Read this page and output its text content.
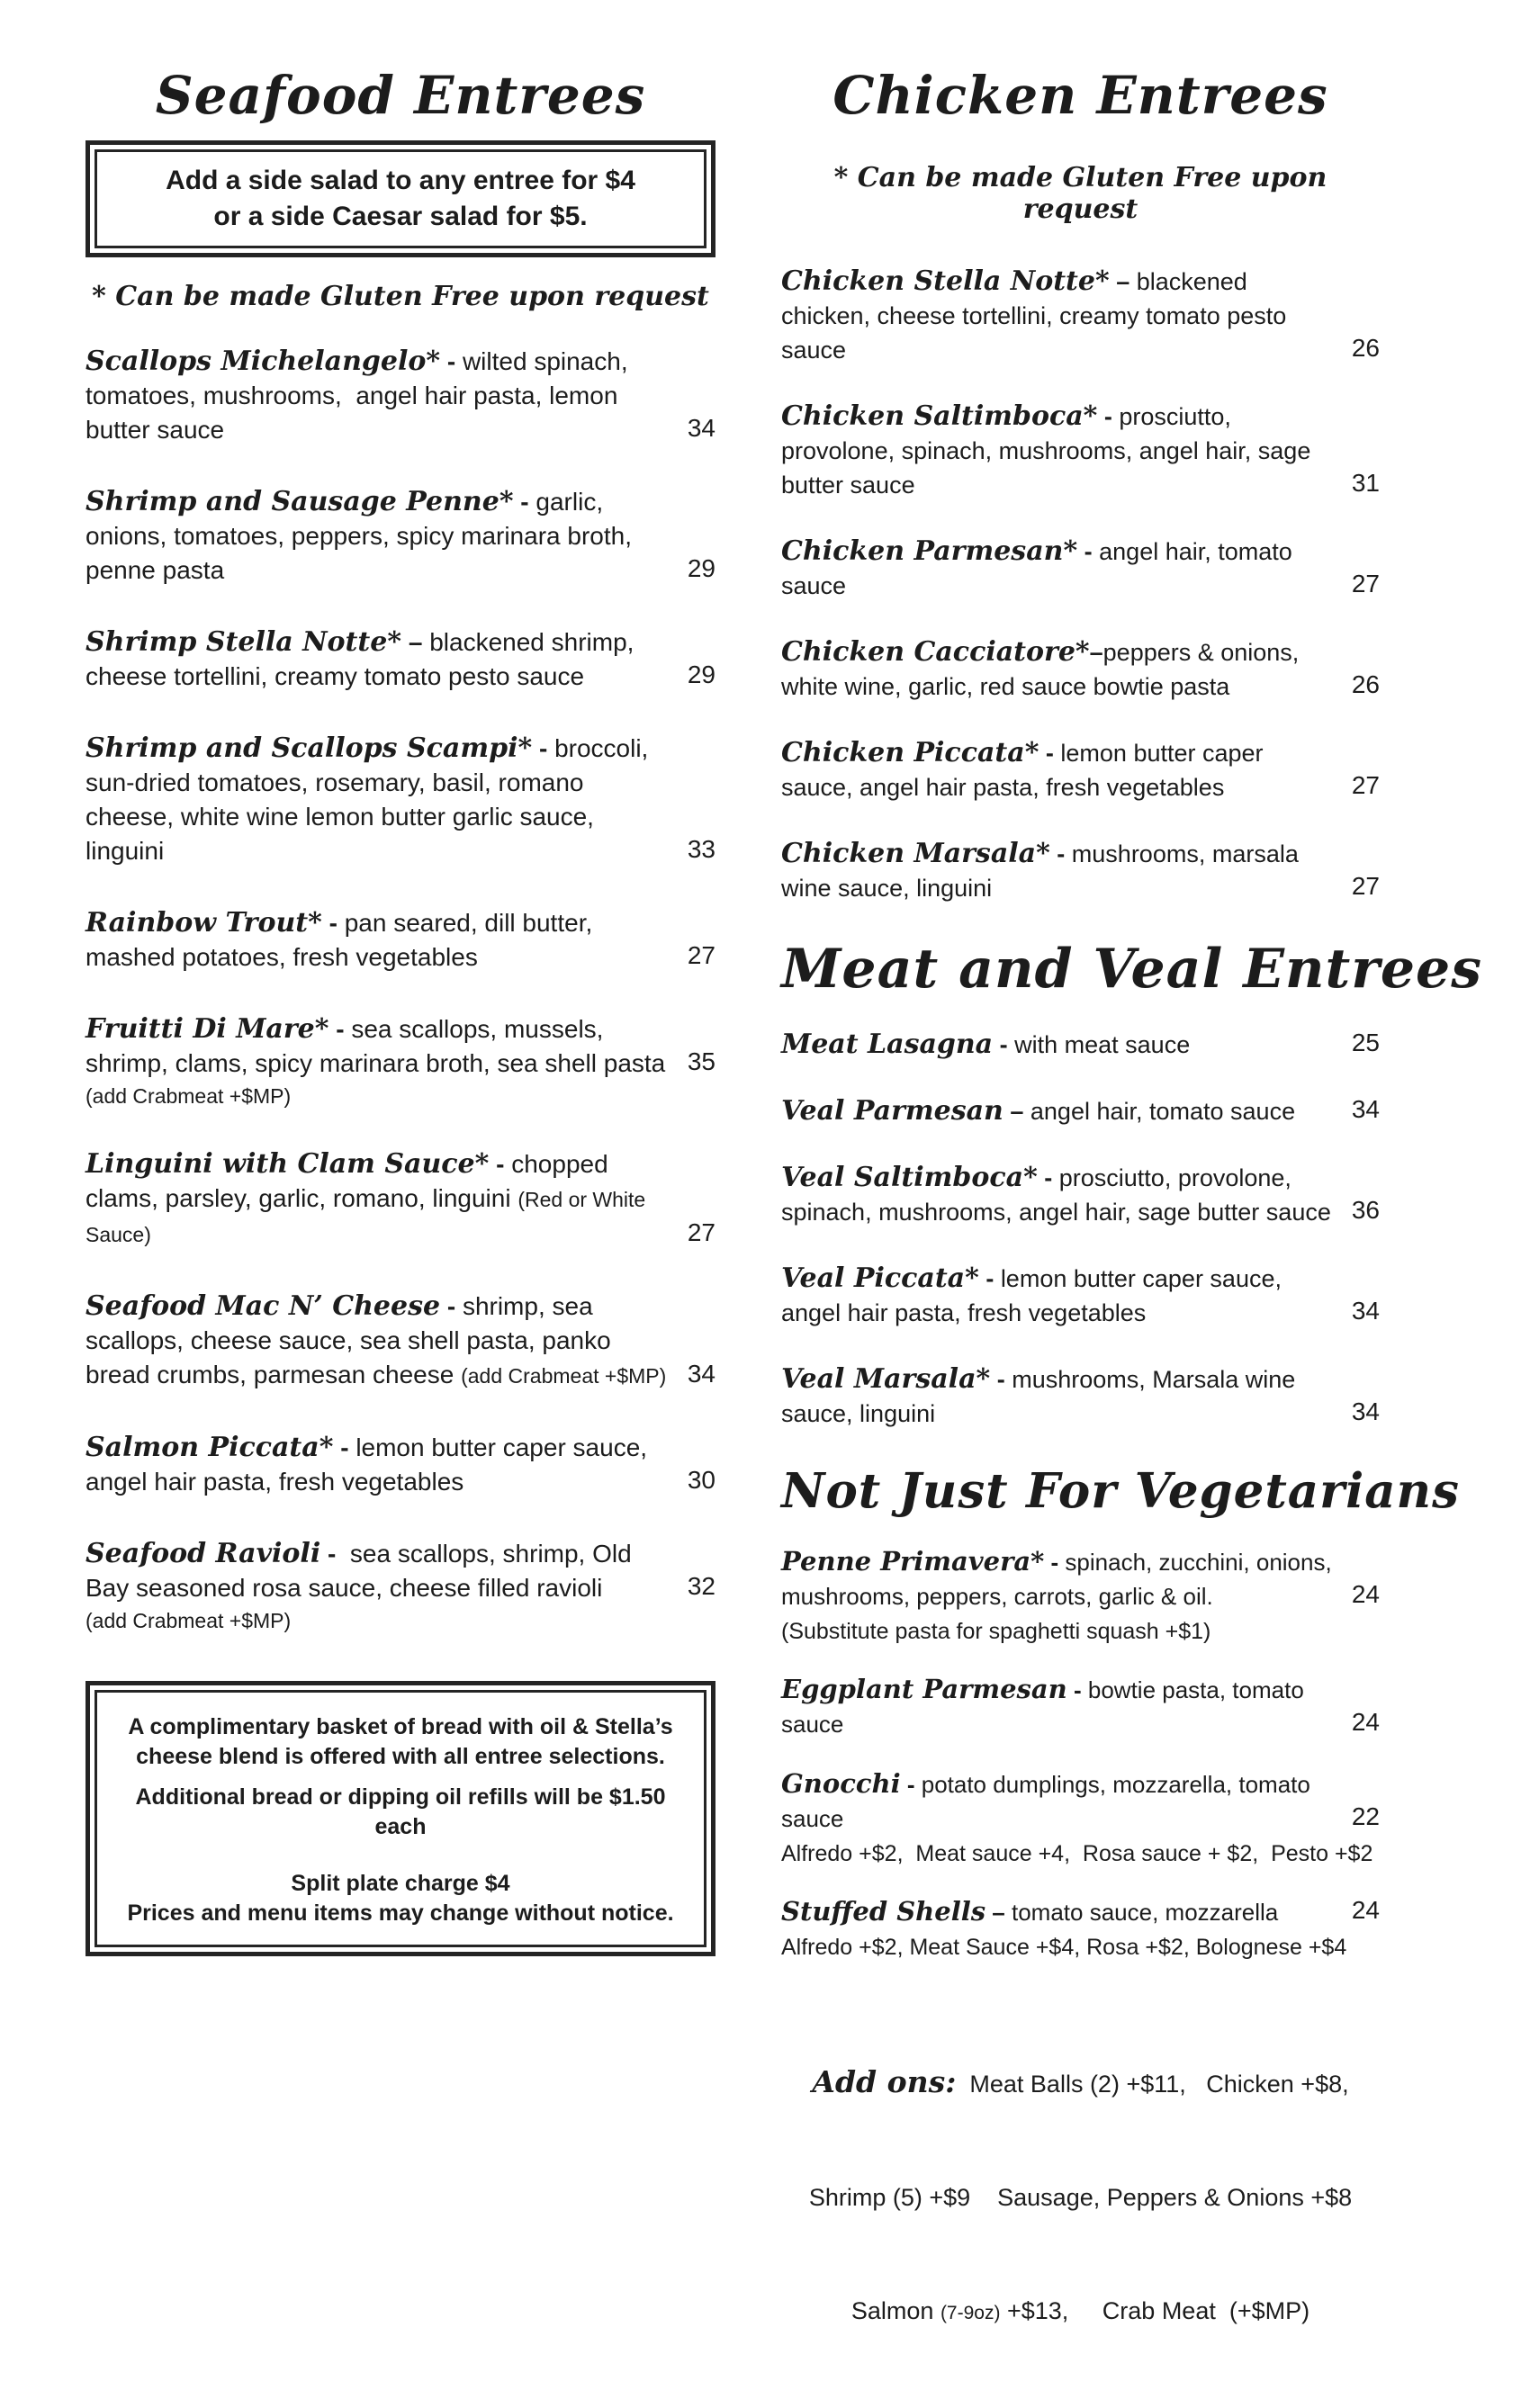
Seafood Entrees
Add a side salad to any entree for $4
or a side Caesar salad for $5.
* Can be made Gluten Free upon request
Scallops Michelangelo* - wilted spinach, tomatoes, mushrooms,  angel hair pasta, lemon butter sauce	34
Shrimp and Sausage Penne* - garlic, onions, tomatoes, peppers, spicy marinara broth, penne pasta	29
Shrimp Stella Notte* – blackened shrimp, cheese tortellini, creamy tomato pesto sauce	29
Shrimp and Scallops Scampi* - broccoli, sun-dried tomatoes, rosemary, basil, romano cheese, white wine lemon butter garlic sauce, linguini	33
Rainbow Trout* - pan seared, dill butter, mashed potatoes, fresh vegetables	27
Fruitti Di Mare* - sea scallops, mussels, shrimp, clams, spicy marinara broth, sea shell pasta 35
(add Crabmeat +$MP)
Linguini with Clam Sauce* - chopped clams, parsley, garlic, romano, linguini (Red or White Sauce)	27
Seafood Mac N’ Cheese - shrimp, sea scallops, cheese sauce, sea shell pasta, panko bread crumbs, parmesan cheese (add Crabmeat +$MP) 34
Salmon Piccata* - lemon butter caper sauce, angel hair pasta, fresh vegetables	30
Seafood Ravioli -  sea scallops, shrimp, Old Bay seasoned rosa sauce, cheese filled ravioli	32
(add Crabmeat +$MP)
A complimentary basket of bread with oil & Stella’s cheese blend is offered with all entree selections.
Additional bread or dipping oil refills will be $1.50 each
Split plate charge $4
Prices and menu items may change without notice.
Chicken Entrees
* Can be made Gluten Free upon request
Chicken Stella Notte* – blackened chicken, cheese tortellini, creamy tomato pesto sauce	26
Chicken Saltimboca* - prosciutto, provolone, spinach, mushrooms, angel hair, sage butter sauce	31
Chicken Parmesan* - angel hair, tomato sauce	27
Chicken Cacciatore*–peppers & onions, white wine, garlic, red sauce bowtie pasta	26
Chicken Piccata* - lemon butter caper sauce, angel hair pasta, fresh vegetables	27
Chicken Marsala* - mushrooms, marsala wine sauce, linguini	27
Meat and Veal Entrees
Meat Lasagna - with meat sauce	25
Veal Parmesan – angel hair, tomato sauce 34
Veal Saltimboca* - prosciutto, provolone, spinach, mushrooms, angel hair, sage butter sauce 36
Veal Piccata* - lemon butter caper sauce, angel hair pasta, fresh vegetables	34
Veal Marsala* - mushrooms, Marsala wine sauce, linguini	34
Not Just For Vegetarians
Penne Primavera* - spinach, zucchini, onions, mushrooms, peppers, carrots, garlic & oil.	24
(Substitute pasta for spaghetti squash +$1)
Eggplant Parmesan - bowtie pasta, tomato sauce	24
Gnocchi - potato dumplings, mozzarella, tomato sauce	22
Alfredo +$2,  Meat sauce +4,  Rosa sauce + $2,  Pesto +$2
Stuffed Shells – tomato sauce, mozzarella	24
Alfredo +$2, Meat Sauce +$4, Rosa +$2, Bolognese +$4

Add ons:  Meat Balls (2) +$11,   Chicken +$8,

Shrimp (5) +$9    Sausage, Peppers & Onions +$8

Salmon (7-9oz) +$13,     Crab Meat  (+$MP)
